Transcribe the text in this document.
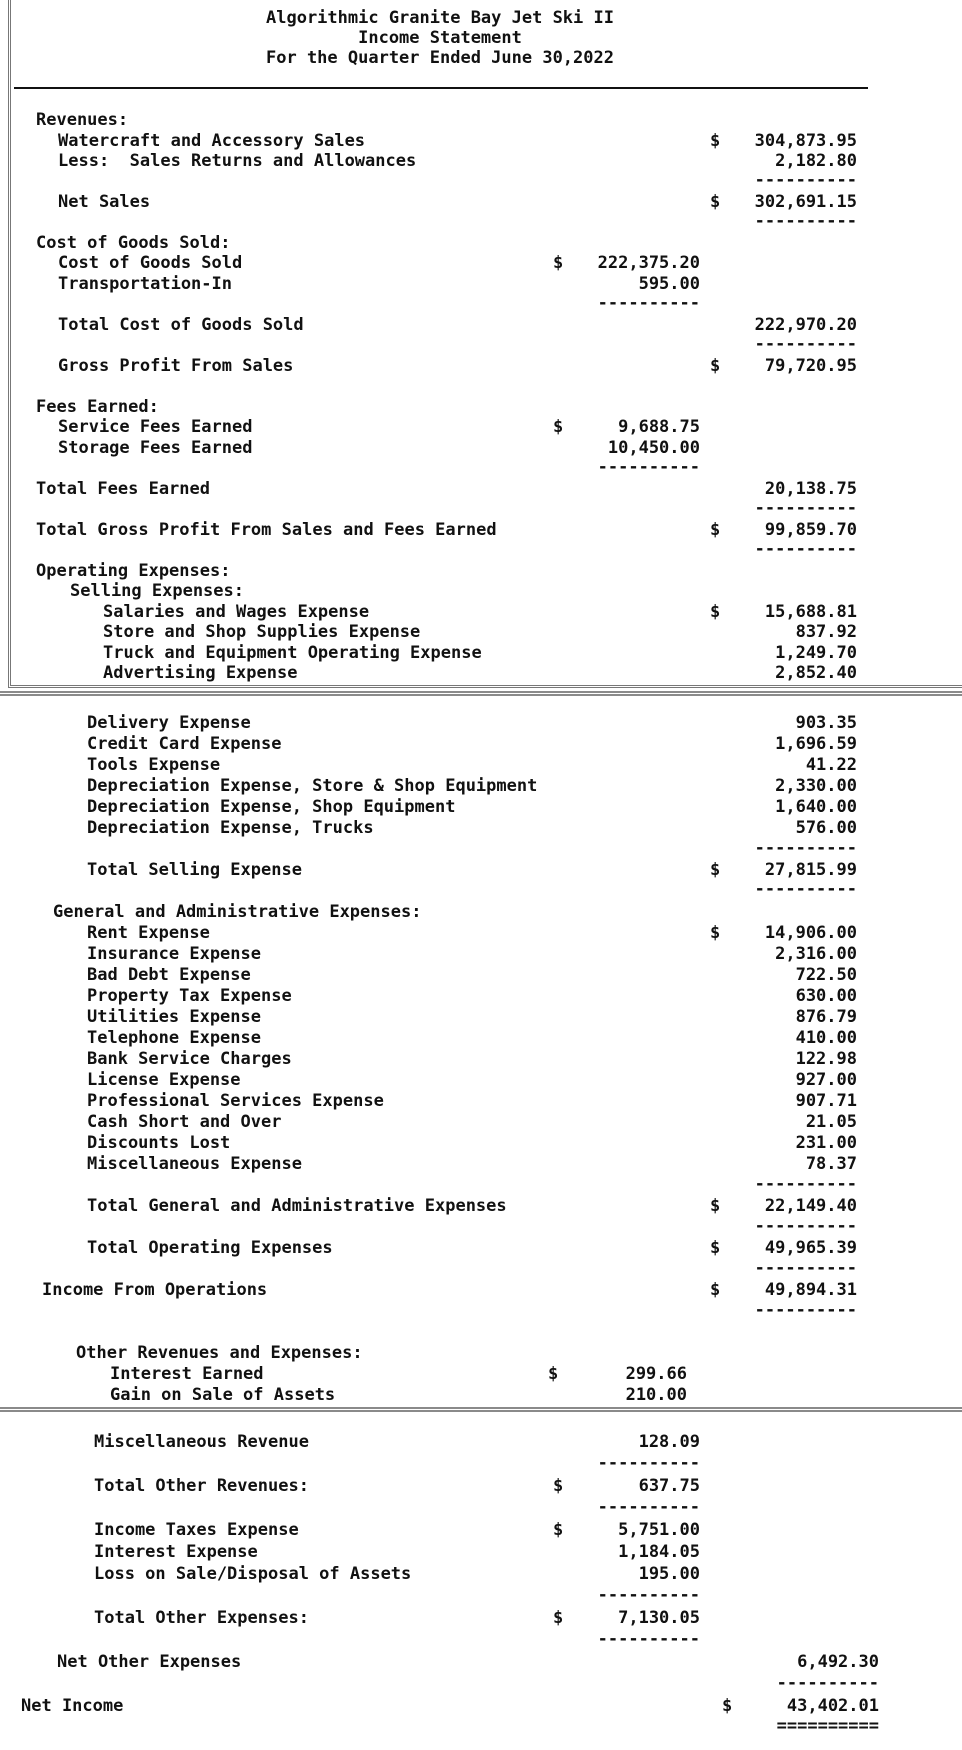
Algorithmic Granite Bay Jet Ski II
Income Statement
For the Quarter Ended June 30,2022
Revenues:
Watercraft and Accessory Sales	$ 304,873.95
Less:  Sales Returns and Allowances	2,182.80
----------
Net Sales	$ 302,691.15
----------
Cost of Goods Sold:
Cost of Goods Sold	$ 222,375.20
Transportation-In	595.00
----------
Total Cost of Goods Sold	222,970.20
----------
Gross Profit From Sales	$	79,720.95
Fees Earned:
Service Fees Earned	$	9,688.75
Storage Fees Earned	10,450.00
----------
Total Fees Earned	20,138.75
----------
Total Gross Profit From Sales and Fees Earned	$	99,859.70
----------
Operating Expenses:
Selling Expenses:
$
Salaries and Wages Expense	15,688.81
Store and Shop Supplies Expense	837.92
Truck and Equipment Operating Expense	1,249.70
Advertising Expense	2,852.40
Delivery Expense	903.35
Credit Card Expense	1,696.59
Tools Expense	41.22
Depreciation Expense, Store & Shop Equipment	2,330.00
Depreciation Expense, Shop Equipment	1,640.00
Depreciation Expense, Trucks	576.00
----------
Total Selling Expense	$	27,815.99
----------
General and Administrative Expenses:
$
Rent Expense	14,906.00
Insurance Expense	2,316.00
Bad Debt Expense	722.50
Property Tax Expense	630.00
Utilities Expense	876.79
Telephone Expense	410.00
Bank Service Charges	122.98
License Expense	927.00
Professional Services Expense	907.71
Cash Short and Over	21.05
Discounts Lost	231.00
Miscellaneous Expense	78.37
----------
Total General and Administrative Expenses	$	22,149.40
----------
Total Operating Expenses	$	49,965.39
----------
Income From Operations	$	49,894.31
----------
Other Revenues and Expenses:
Interest Earned	$	299.66
Gain on Sale of Assets	210.00
Miscellaneous Revenue	128.09
----------
Total Other Revenues:	$	637.75
----------
Income Taxes Expense	$	5,751.00
Interest Expense	1,184.05
Loss on Sale/Disposal of Assets	195.00
----------
Total Other Expenses:	$	7,130.05
----------
Net Other Expenses	6,492.30
----------
Net Income	$	43,402.01
==========
